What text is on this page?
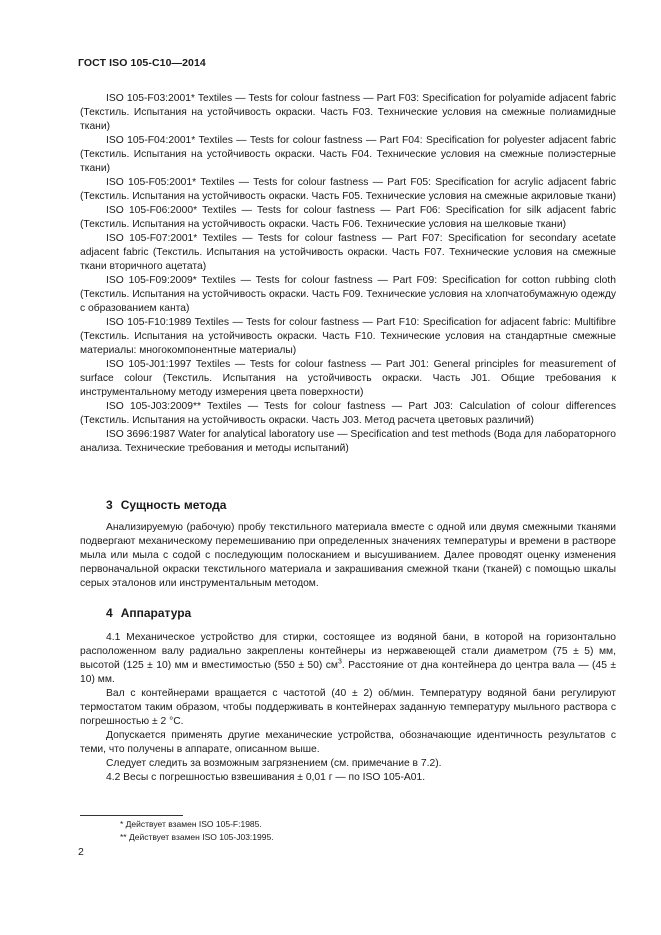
ГОСТ ISO 105-C10—2014

ISO 105-F03:2001* Textiles — Tests for colour fastness — Part F03: Specification for polyamide adjacent fabric (Текстиль. Испытания на устойчивость окраски. Часть F03. Технические условия на смежные полиамидные ткани)

ISO 105-F04:2001* Textiles — Tests for colour fastness — Part F04: Specification for polyester adjacent fabric (Текстиль. Испытания на устойчивость окраски. Часть F04. Технические условия на смежные полиэстерные ткани)

ISO 105-F05:2001* Textiles — Tests for colour fastness — Part F05: Specification for acrylic adjacent fabric (Текстиль. Испытания на устойчивость окраски. Часть F05. Технические условия на смежные акриловые ткани)

ISO 105-F06:2000* Textiles — Tests for colour fastness — Part F06: Specification for silk adjacent fabric (Текстиль. Испытания на устойчивость окраски. Часть F06. Технические условия на шелковые ткани)

ISO 105-F07:2001* Textiles — Tests for colour fastness — Part F07: Specification for secondary acetate adjacent fabric (Текстиль. Испытания на устойчивость окраски. Часть F07. Технические условия на смежные ткани вторичного ацетата)

ISO 105-F09:2009* Textiles — Tests for colour fastness — Part F09: Specification for cotton rubbing cloth (Текстиль. Испытания на устойчивость окраски. Часть F09. Технические условия на хлопчатобумажную одежду с образованием канта)

ISO 105-F10:1989 Textiles — Tests for colour fastness — Part F10: Specification for adjacent fabric: Multifibre (Текстиль. Испытания на устойчивость окраски. Часть F10. Технические условия на стандартные смежные материалы: многокомпонентные материалы)

ISO 105-J01:1997 Textiles — Tests for colour fastness — Part J01: General principles for measurement of surface colour (Текстиль. Испытания на устойчивость окраски. Часть J01. Общие требования к инструментальному методу измерения цвета поверхности)

ISO 105-J03:2009** Textiles — Tests for colour fastness — Part J03: Calculation of colour differences (Текстиль. Испытания на устойчивость окраски. Часть J03. Метод расчета цветовых различий)

ISO 3696:1987 Water for analytical laboratory use — Specification and test methods (Вода для лабораторного анализа. Технические требования и методы испытаний)

3 Сущность метода

Анализируемую (рабочую) пробу текстильного материала вместе с одной или двумя смежными тканями подвергают механическому перемешиванию при определенных значениях температуры и времени в растворе мыла или мыла с содой с последующим полосканием и высушиванием. Далее проводят оценку изменения первоначальной окраски текстильного материала и закрашивания смежной ткани (тканей) с помощью шкалы серых эталонов или инструментальным методом.

4 Аппаратура

4.1 Механическое устройство для стирки, состоящее из водяной бани, в которой на горизонтально расположенном валу радиально закреплены контейнеры из нержавеющей стали диаметром (75 ± 5) мм, высотой (125 ± 10) мм и вместимостью (550 ± 50) $см^3$. Расстояние от дна контейнера до центра вала — (45 ± 10) мм.

Вал с контейнерами вращается с частотой (40 ± 2) об/мин. Температуру водяной бани регулируют термостатом таким образом, чтобы поддерживать в контейнерах заданную температуру мыльного раствора с погрешностью ± 2 °С.

Допускается применять другие механические устройства, обозначающие идентичность результатов с теми, что получены в аппарате, описанном выше.

Следует следить за возможным загрязнением (см. примечание в 7.2).

4.2 Весы с погрешностью взвешивания ± 0,01 г — по ISO 105-A01.

* Действует взамен ISO 105-F:1985.
** Действует взамен ISO 105-J03:1995.
2
